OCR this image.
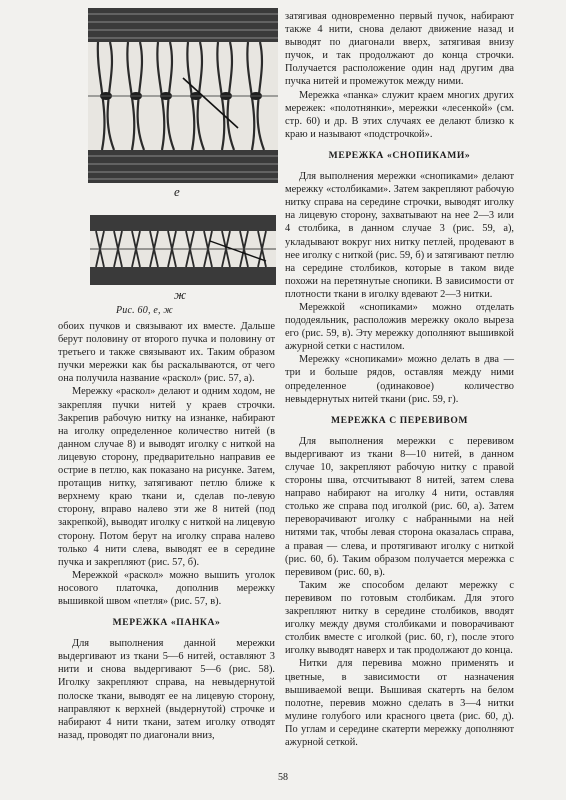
е
ж
Рис. 60, е, ж

обоих пучков и связывают их вместе. Дальше берут половину от второго пучка и половину от третьего и также связывают их. Таким образом пучки мережки как бы раскалываются, от чего она получила название «раскол» (рис. 57, а).

Мережку «раскол» делают и одним ходом, не закрепляя пучки нитей у краев строчки. Закрепив рабочую нитку на изнанке, набирают на иголку определенное количество нитей (в данном случае 8) и выводят иголку с ниткой на лицевую сторону, предварительно направив ее острие в петлю, как показано на рисунке. Затем, протащив нитку, затягивают петлю ближе к верхнему краю ткани и, сделав по-левую сторону, вправо налево эти же 8 нитей (под закрепкой), выводят иголку с ниткой на лицевую сторону. Потом берут на иголку справа налево только 4 нити слева, выводят ее в середине пучка и закрепляют (рис. 57, б).

Мережкой «раскол» можно вышить уголок носового платочка, дополнив мережку вышивкой швом «петля» (рис. 57, в).

МЕРЕЖКА «ПАНКА»

Для выполнения данной мережки выдергивают из ткани 5—6 нитей, оставляют 3 нити и снова выдергивают 5—6 (рис. 58). Иголку закрепляют справа, на невыдернутой полоске ткани, выводят ее на лицевую сторону, направляют к верхней (выдернутой) строчке и набирают 4 нити ткани, затем иголку отводят назад, проводят по диагонали вниз,

затягивая одновременно первый пучок, набирают также 4 нити, снова делают движение назад и выводят по диагонали вверх, затягивая внизу пучок, и так продолжают до конца строчки. Получается расположение один над другим два пучка нитей и промежуток между ними.

Мережка «панка» служит краем многих других мережек: «полотнянки», мережки «лесенкой» (см. стр. 60) и др. В этих случаях ее делают близко к краю и называют «подстрочкой».

МЕРЕЖКА «СНОПИКАМИ»

Для выполнения мережки «снопиками» делают мережку «столбиками». Затем закрепляют рабочую нитку справа на середине строчки, выводят иголку на лицевую сторону, захватывают на нее 2—3 или 4 столбика, в данном случае 3 (рис. 59, а), укладывают вокруг них нитку петлей, продевают в нее иголку с ниткой (рис. 59, б) и затягивают петлю на середине столбиков, которые в таком виде похожи на перетянутые снопики. В зависимости от плотности ткани в иголку вдевают 2—3 нитки.

Мережкой «снопиками» можно отделать пододеяльник, расположив мережку около выреза его (рис. 59, в). Эту мережку дополняют вышивкой ажурной сетки с настилом.

Мережку «снопиками» можно делать в два — три и больше рядов, оставляя между ними определенное (одинаковое) количество невыдернутых нитей ткани (рис. 59, г).

МЕРЕЖКА С ПЕРЕВИВОМ

Для выполнения мережки с перевивом выдергивают из ткани 8—10 нитей, в данном случае 10, закрепляют рабочую нитку с правой стороны шва, отсчитывают 8 нитей, затем слева направо набирают на иголку 4 нити, оставляя столько же справа под иголкой (рис. 60, а). Затем переворачивают иголку с набранными на ней нитями так, чтобы левая сторона оказалась справа, а правая — слева, и протягивают иголку с ниткой (рис. 60, б). Таким образом получается мережка с перевивом (рис. 60, в).

Таким же способом делают мережку с перевивом по готовым столбикам. Для этого закрепляют нитку в середине столбиков, вводят иголку между двумя столбиками и поворачивают столбик вместе с иголкой (рис. 60, г), после этого иголку выводят наверх и так продолжают до конца.

Нитки для перевива можно применять и цветные, в зависимости от назначения вышиваемой вещи. Вышивая скатерть на белом полотне, перевив можно сделать в 3—4 нитки мулине голубого или красного цвета (рис. 60, д). По углам и середине скатерти мережку дополняют ажурной сеткой.

58
